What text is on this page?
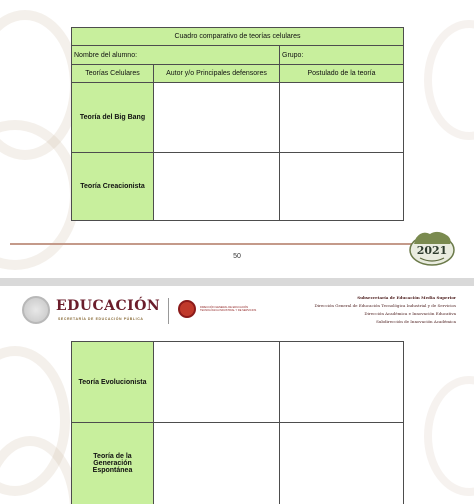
Cuadro comparativo de teorías celulares		
Nombre del alumno:		Grupo:
Teorías Celulares	Autor y/o Principales defensores	Postulado de la teoría
Teoría del Big Bang		
Teoría Creacionista		
50	2021
EDUCACIÓN
SECRETARÍA DE EDUCACIÓN PÚBLICA
DIRECCIÓN GENERAL DE EDUCACIÓN TECNOLÓGICA INDUSTRIAL Y DE SERVICIOS
Subsecretaría de Educación Media Superior
Dirección General de Educación Tecnológica Industrial y de Servicios
Dirección Académica e Innovación Educativa
Subdirección de Innovación Académica
Teoría Evolucionista		
Teoría de la Generación Espontánea		
